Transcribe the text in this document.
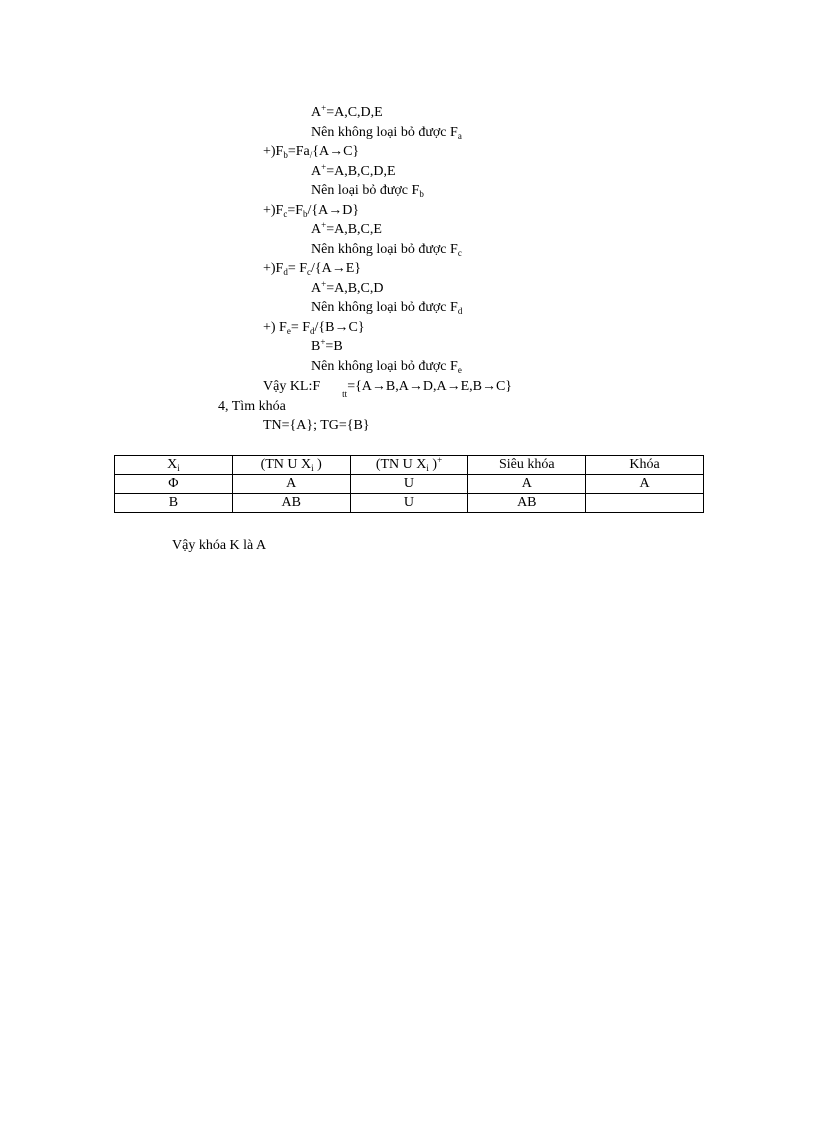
A+=A,C,D,E
Nên không loại bỏ được $F_a$
$+)F_b=Fa_/\{A\to C\}$
A+=A,B,C,D,E
Nên loại bỏ được $F_b$
$+)F_c=F_b/\{A\to D\}$
A+=A,B,C,E
Nên không loại bỏ được $F_c$
$+)F_d= F_c/\{A\to E\}$
A+=A,B,C,D
Nên không loại bỏ được $F_d$
+) $F_e= F_d/\{B\to C\}$
B+=B
Nên không loại bỏ được $F_e$
Vậy KL:F $_{tt}$={A→B,A→D,A→E,B→C}
4, Tìm khóa
TN={A}; TG={B}
$X_i$	(TN U $X_i$ )	(TN U $X_i$ )+	Siêu khóa	Khóa
Φ	A	U	A	A
B	AB	U	AB	
Vậy khóa K là A
